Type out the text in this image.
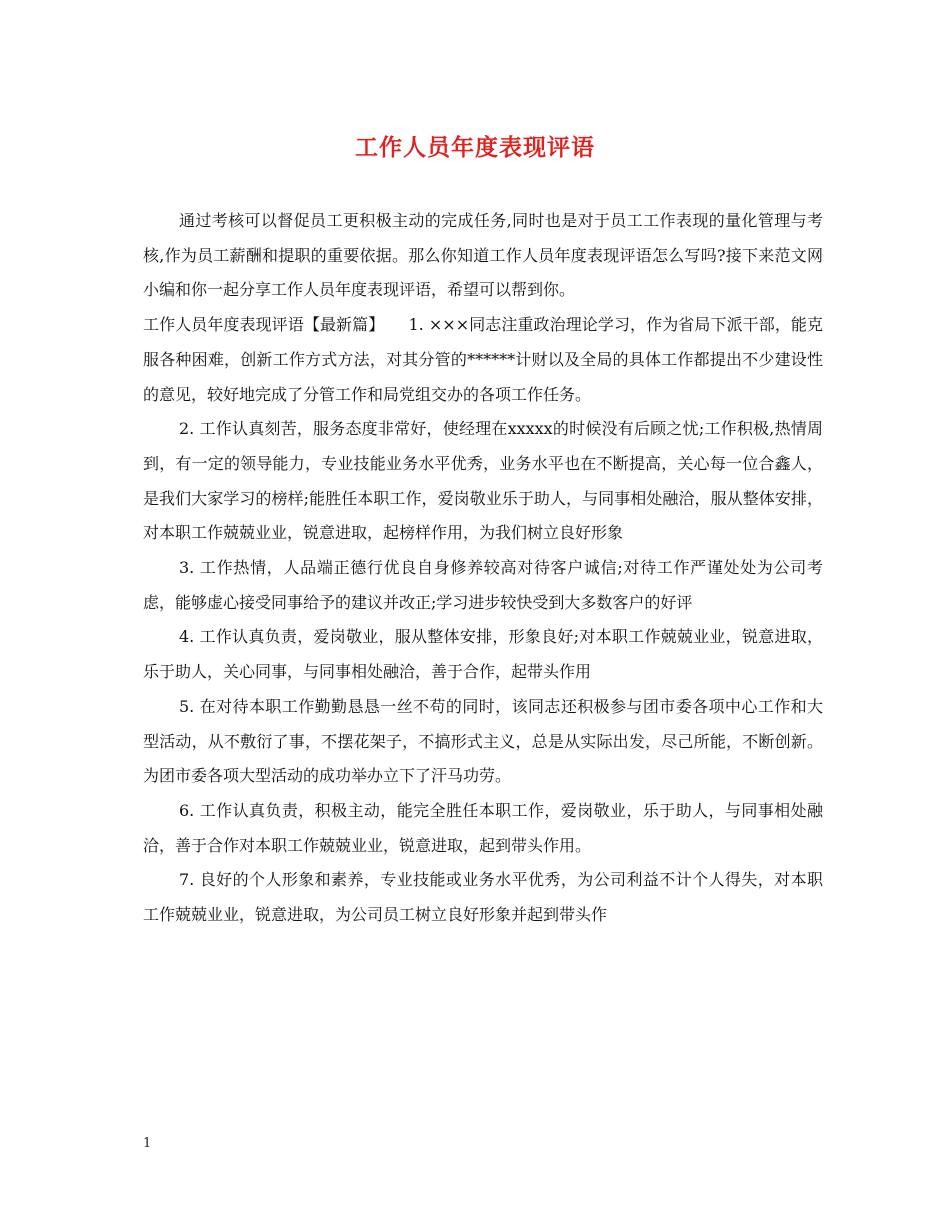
工作人员年度表现评语

通过考核可以督促员工更积极主动的完成任务,同时也是对于员工工作表现的量化管理与考核,作为员工薪酬和提职的重要依据。那么你知道工作人员年度表现评语怎么写吗?接下来范文网小编和你一起分享工作人员年度表现评语，希望可以帮到你。

工作人员年度表现评语【最新篇】　　1. ×××同志注重政治理论学习，作为省局下派干部，能克服各种困难，创新工作方式方法，对其分管的******计财以及全局的具体工作都提出不少建设性的意见，较好地完成了分管工作和局党组交办的各项工作任务。

2. 工作认真刻苦，服务态度非常好，使经理在xxxxx的时候没有后顾之忧;工作积极,热情周到，有一定的领导能力，专业技能业务水平优秀，业务水平也在不断提高，关心每一位合鑫人，是我们大家学习的榜样;能胜任本职工作，爱岗敬业乐于助人，与同事相处融洽，服从整体安排，对本职工作兢兢业业，锐意进取，起榜样作用，为我们树立良好形象

3. 工作热情，人品端正德行优良自身修养较高对待客户诚信;对待工作严谨处处为公司考虑，能够虚心接受同事给予的建议并改正;学习进步较快受到大多数客户的好评

4. 工作认真负责，爱岗敬业，服从整体安排，形象良好;对本职工作兢兢业业，锐意进取，乐于助人，关心同事，与同事相处融洽，善于合作，起带头作用

5. 在对待本职工作勤勤恳恳一丝不苟的同时，该同志还积极参与团市委各项中心工作和大型活动，从不敷衍了事，不摆花架子，不搞形式主义，总是从实际出发，尽己所能，不断创新。为团市委各项大型活动的成功举办立下了汗马功劳。

6. 工作认真负责，积极主动，能完全胜任本职工作，爱岗敬业，乐于助人，与同事相处融洽，善于合作对本职工作兢兢业业，锐意进取，起到带头作用。

7. 良好的个人形象和素养，专业技能或业务水平优秀，为公司利益不计个人得失，对本职工作兢兢业业，锐意进取，为公司员工树立良好形象并起到带头作

1
